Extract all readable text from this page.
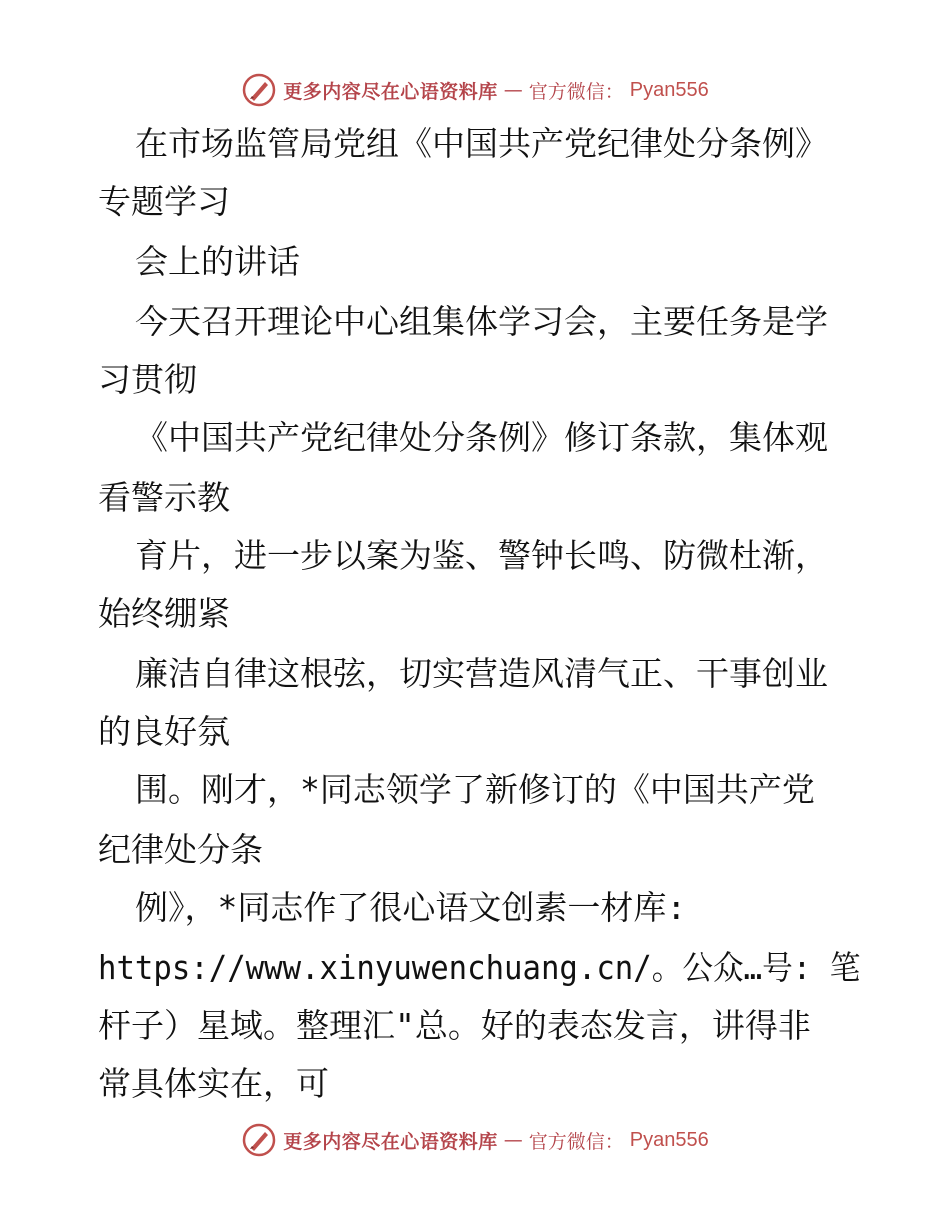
更多内容尽在心语资料库 — 官方微信： Pyan556
在市场监管局党组《中国共产党纪律处分条例》
专题学习
会上的讲话
今天召开理论中心组集体学习会，主要任务是学
习贯彻
《中国共产党纪律处分条例》修订条款，集体观
看警示教
育片，进一步以案为鉴、警钟长鸣、防微杜渐，
始终绷紧
廉洁自律这根弦，切实营造风清气正、干事创业
的良好氛
围。刚才，*同志领学了新修订的《中国共产党
纪律处分条
例》，*同志作了很心语文创素一材库:
https://www.xinyuwenchuang.cn/。公众…号: 笔
杆子）星域。整理汇"总。好的表态发言，讲得非
常具体实在，可
更多内容尽在心语资料库 — 官方微信： Pyan556
